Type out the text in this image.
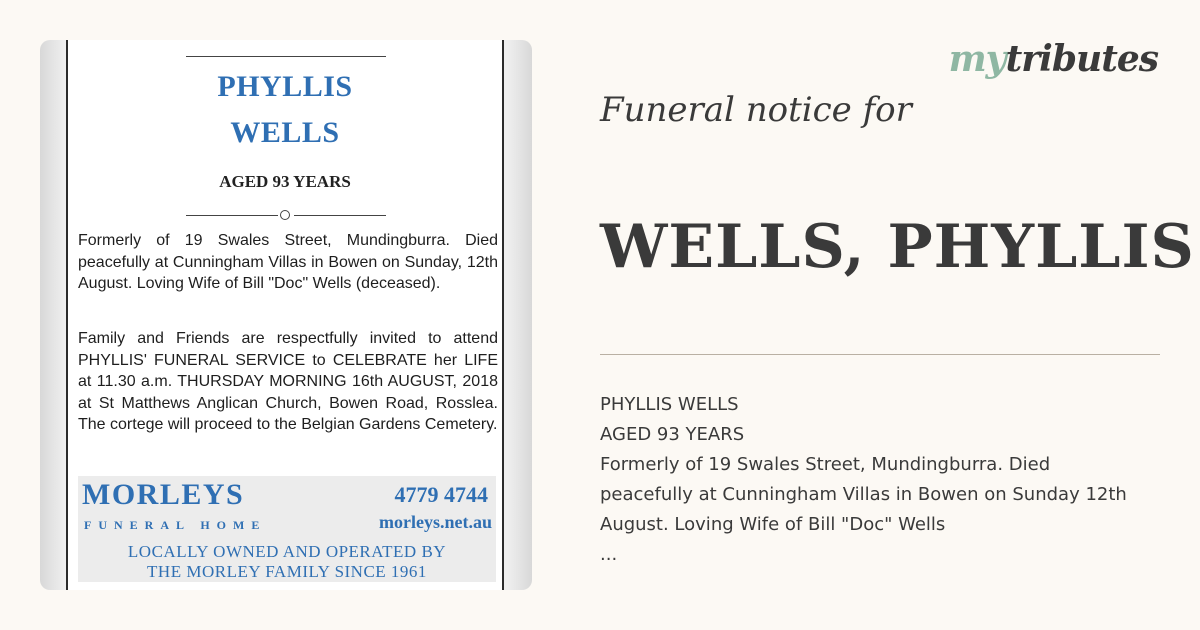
PHYLLIS
WELLS
AGED 93 YEARS
Formerly of 19 Swales Street, Mundingburra. Died peacefully at Cunningham Villas in Bowen on Sunday, 12th August. Loving Wife of Bill "Doc" Wells (deceased).
Family and Friends are respectfully invited to attend PHYLLIS' FUNERAL SERVICE to CELEBRATE her LIFE at 11.30 a.m. THURSDAY MORNING 16th AUGUST, 2018 at St Matthews Anglican Church, Bowen Road, Rosslea. The cortege will proceed to the Belgian Gardens Cemetery.
MORLEYS
FUNERAL HOME
4779 4744
morleys.net.au
LOCALLY OWNED AND OPERATED BY
THE MORLEY FAMILY SINCE 1961
mytributes
Funeral notice for
WELLS, PHYLLIS
PHYLLIS WELLS
AGED 93 YEARS
Formerly of 19 Swales Street, Mundingburra. Died
peacefully at Cunningham Villas in Bowen on Sunday 12th
August. Loving Wife of Bill "Doc" Wells
...
